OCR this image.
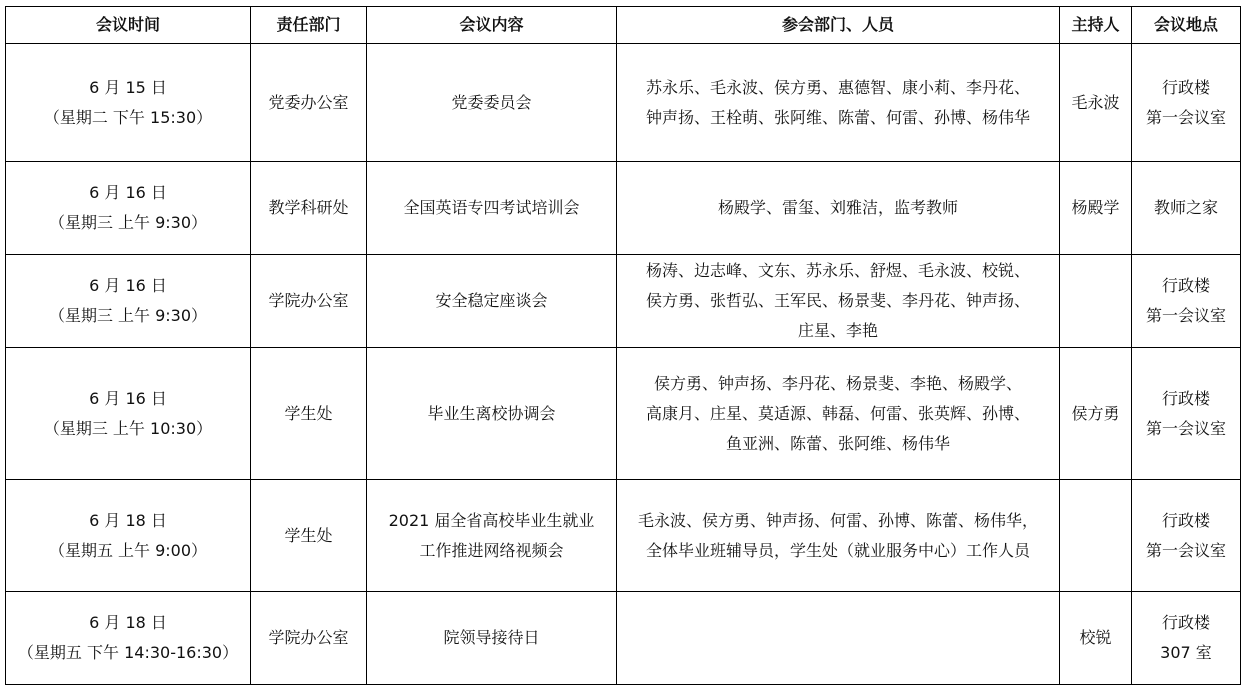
会议时间	责任部门	会议内容	参会部门、人员	主持人	会议地点

6 月 15 日
（星期二 下午 15:30）	党委办公室	党委委员会	苏永乐、毛永波、侯方勇、惠德智、康小莉、李丹花、
钟声扬、王栓萌、张阿维、陈蕾、何雷、孙博、杨伟华	毛永波	行政楼
第一会议室

6 月 16 日
（星期三 上午 9:30）	教学科研处	全国英语专四考试培训会	杨殿学、雷玺、刘雅洁，监考教师	杨殿学	教师之家

6 月 16 日
（星期三 上午 9:30）	学院办公室	安全稳定座谈会	杨涛、边志峰、文东、苏永乐、舒煜、毛永波、校锐、
侯方勇、张哲弘、王军民、杨景斐、李丹花、钟声扬、
庄星、李艳		行政楼
第一会议室

6 月 16 日
（星期三 上午 10:30）	学生处	毕业生离校协调会	侯方勇、钟声扬、李丹花、杨景斐、李艳、杨殿学、
高康月、庄星、莫适源、韩磊、何雷、张英辉、孙博、
鱼亚洲、陈蕾、张阿维、杨伟华	侯方勇	行政楼
第一会议室

6 月 18 日
（星期五 上午 9:00）	学生处	2021 届全省高校毕业生就业
工作推进网络视频会	毛永波、侯方勇、钟声扬、何雷、孙博、陈蕾、杨伟华，
全体毕业班辅导员，学生处（就业服务中心）工作人员		行政楼
第一会议室

6 月 18 日
（星期五 下午 14:30-16:30）	学院办公室	院领导接待日		校锐	行政楼
307 室
